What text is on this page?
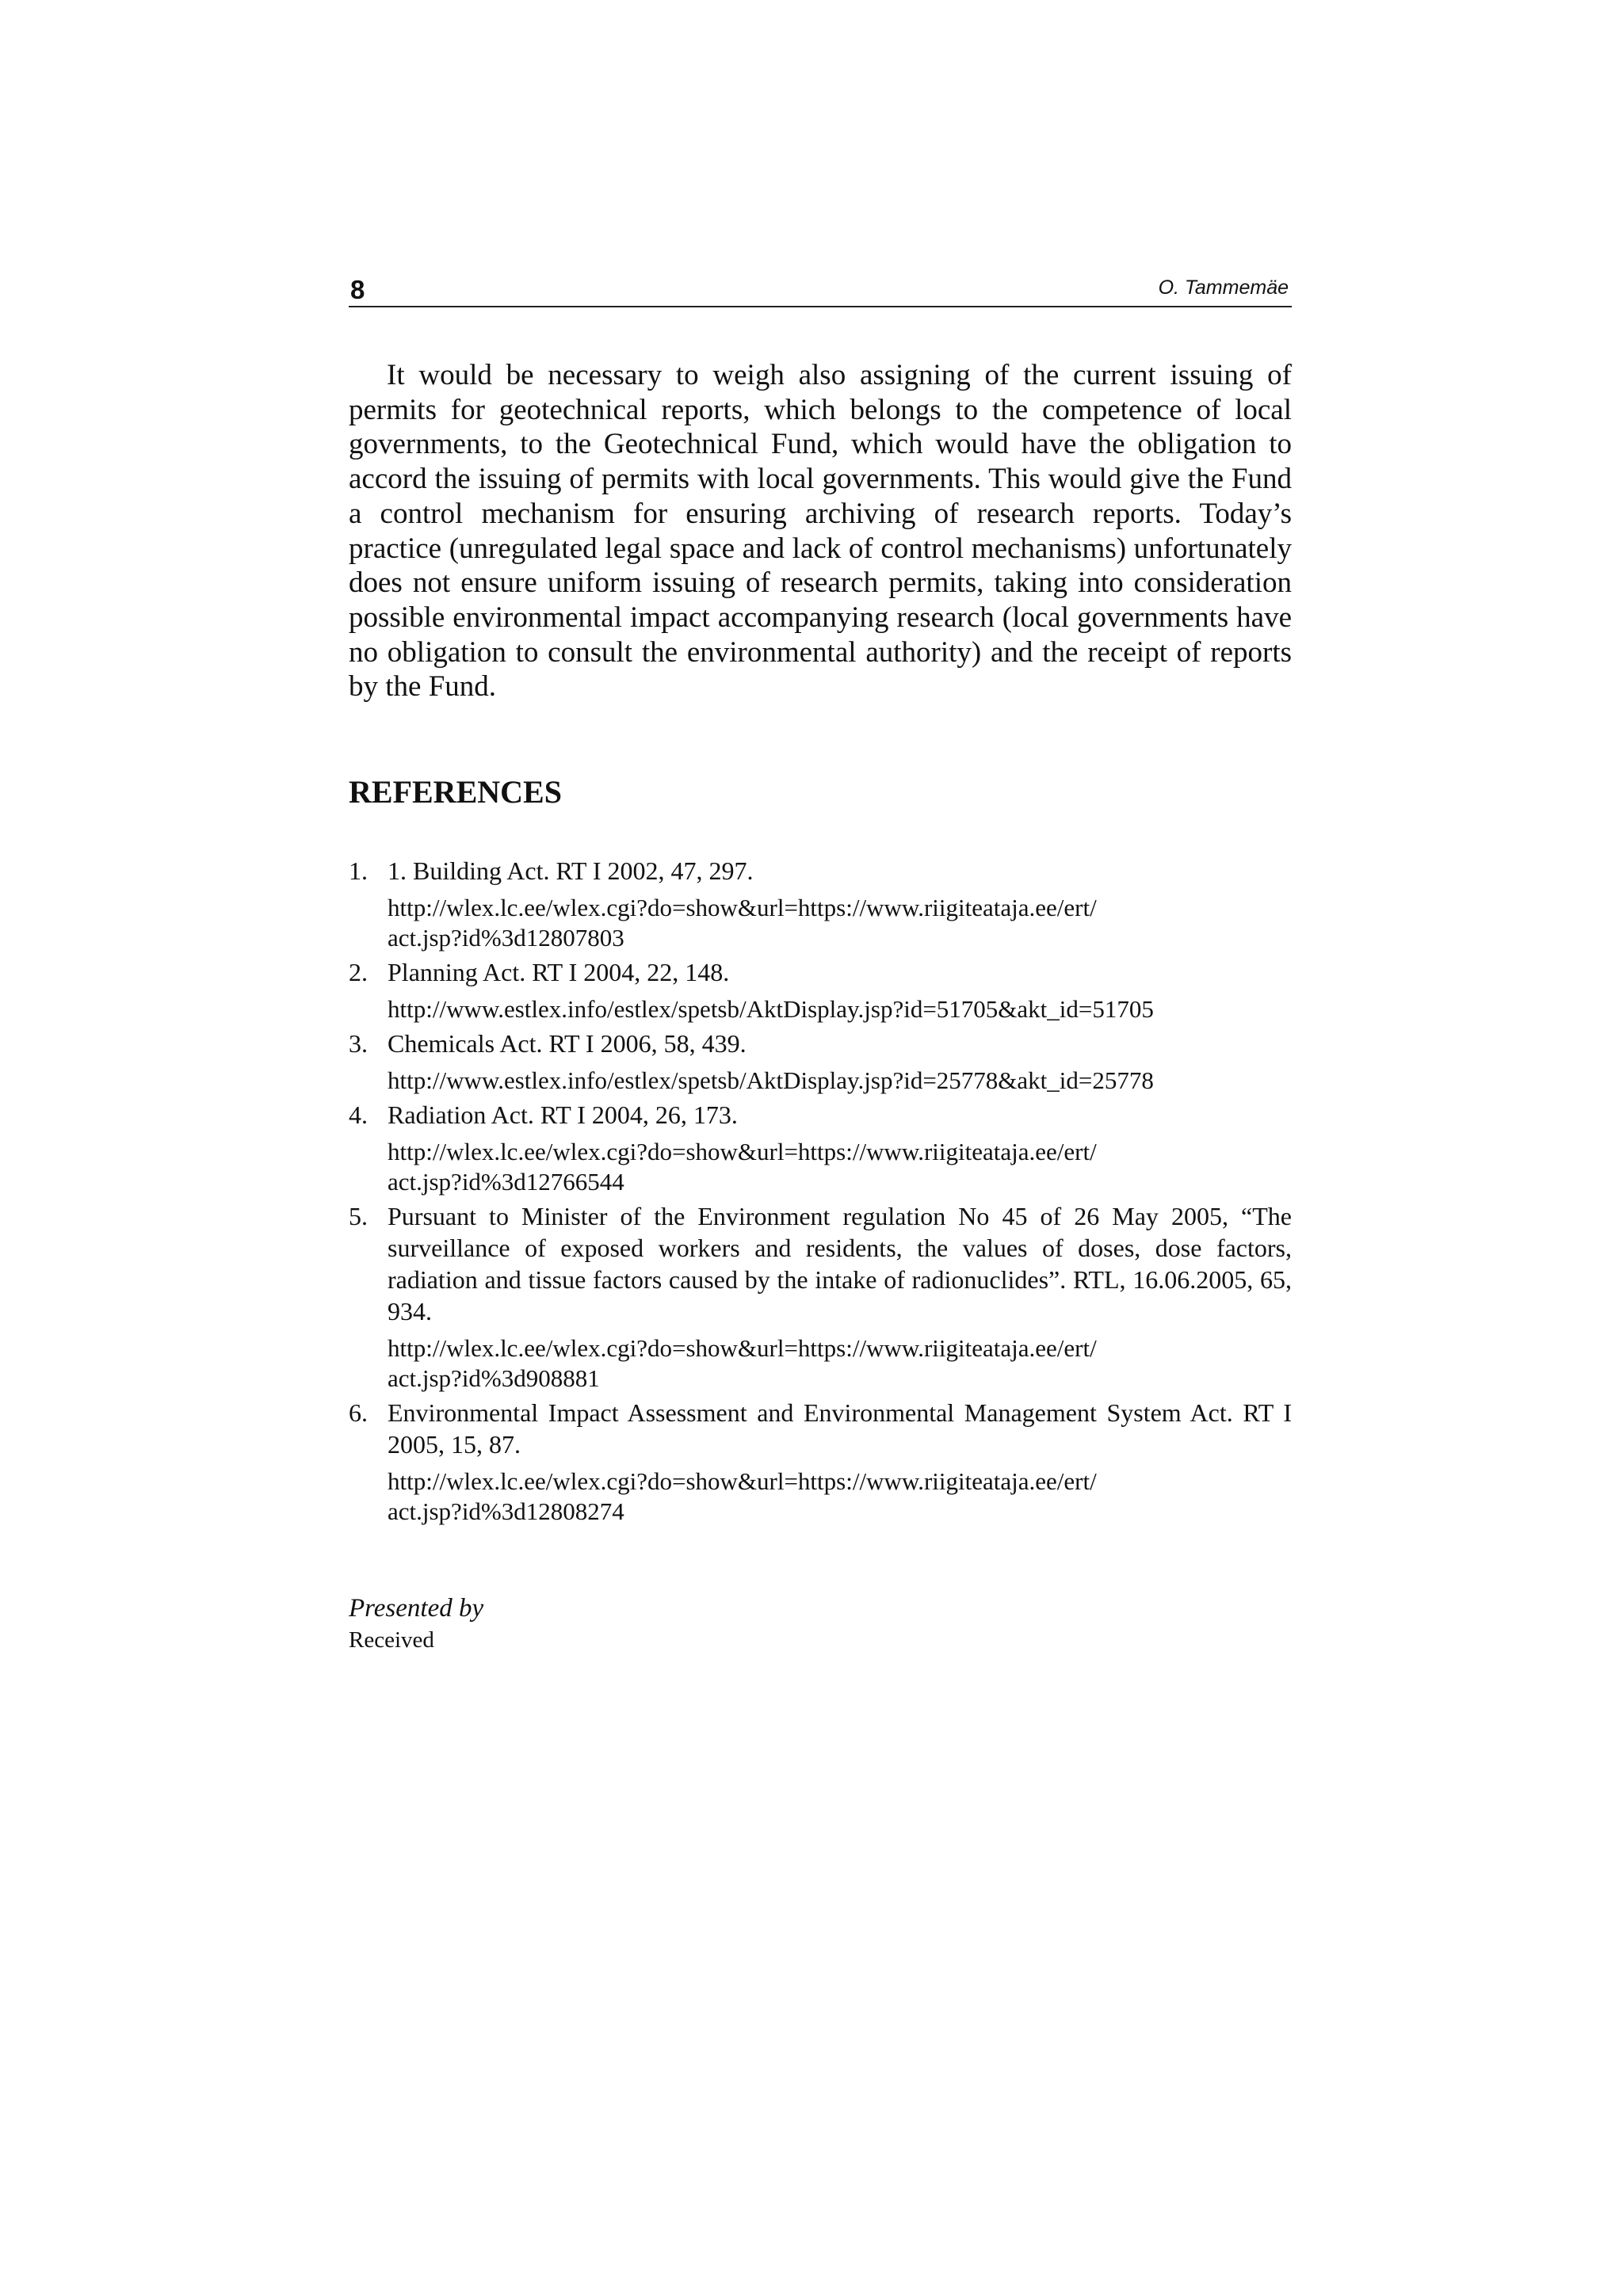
8	O. Tammemäe

It would be necessary to weigh also assigning of the current issuing of permits for geotechnical reports, which belongs to the competence of local governments, to the Geotechnical Fund, which would have the obligation to accord the issuing of permits with local governments. This would give the Fund a control mechanism for ensuring archiving of research reports. Today’s practice (unregulated legal space and lack of control mechanisms) unfortunately does not ensure uniform issuing of research permits, taking into consideration possible environmental impact accompanying research (local governments have no obligation to consult the environmental authority) and the receipt of reports by the Fund.

REFERENCES
1. 1. Building Act. RT I 2002, 47, 297.
http://wlex.lc.ee/wlex.cgi?do=show&url=https://www.riigiteataja.ee/ert/
act.jsp?id%3d12807803
2. Planning Act. RT I 2004, 22, 148.
http://www.estlex.info/estlex/spetsb/AktDisplay.jsp?id=51705&akt_id=51705
3. Chemicals Act. RT I 2006, 58, 439.
http://www.estlex.info/estlex/spetsb/AktDisplay.jsp?id=25778&akt_id=25778
4. Radiation Act. RT I 2004, 26, 173.
http://wlex.lc.ee/wlex.cgi?do=show&url=https://www.riigiteataja.ee/ert/
act.jsp?id%3d12766544
5. Pursuant to Minister of the Environment regulation No 45 of 26 May 2005, “The surveillance of exposed workers and residents, the values of doses, dose factors, radiation and tissue factors caused by the intake of radionuclides”. RTL, 16.06.2005, 65, 934.
http://wlex.lc.ee/wlex.cgi?do=show&url=https://www.riigiteataja.ee/ert/
act.jsp?id%3d908881
6. Environmental Impact Assessment and Environmental Management System Act. RT I 2005, 15, 87.
http://wlex.lc.ee/wlex.cgi?do=show&url=https://www.riigiteataja.ee/ert/
act.jsp?id%3d12808274
Presented by
Received
